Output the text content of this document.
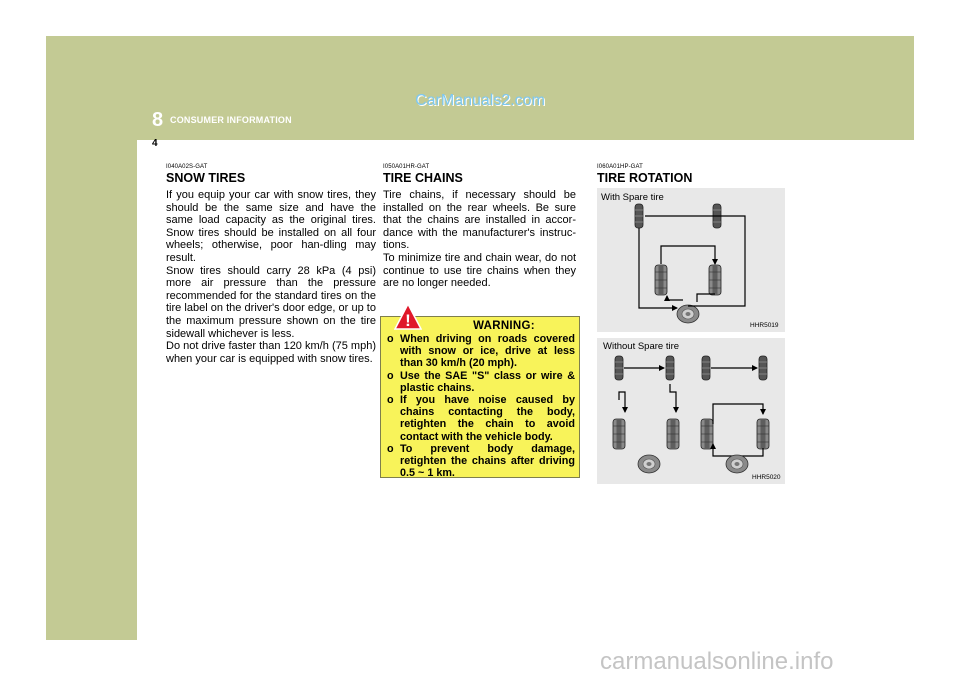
CarManuals2.com
8 CONSUMER INFORMATION
4
I040A02S-GAT
SNOW TIRES

If you equip your car with snow tires, they should be the same size and have the same load capacity as the original tires. Snow tires should be installed on all four wheels; otherwise, poor han-dling may result.

Snow tires should carry 28 kPa (4 psi) more air pressure than the pressure recommended for the standard tires on the tire label on the driver's door edge, or up to the maximum pressure shown on the tire sidewall whichever is less.

Do not drive faster than 120 km/h (75 mph) when your car is equipped with snow tires.

I050A01HR-GAT
TIRE CHAINS

Tire chains, if necessary should be installed on the rear wheels. Be sure that the chains are installed in accor-dance with the manufacturer's instruc-tions.

To minimize tire and chain wear, do not continue to use tire chains when they are no longer needed.

WARNING:
o When driving on roads covered with snow or ice, drive at less than 30 km/h (20 mph).
o Use the SAE "S" class or wire & plastic chains.
o If you have noise caused by chains contacting the body, retighten the chain to avoid contact with the vehicle body.
o To prevent body damage, retighten the chains after driving 0.5 ~ 1 km.
!
I060A01HP-GAT
TIRE ROTATION
With Spare tire
HHR5019
Without Spare tire
HHR5020
carmanualsonline.info
